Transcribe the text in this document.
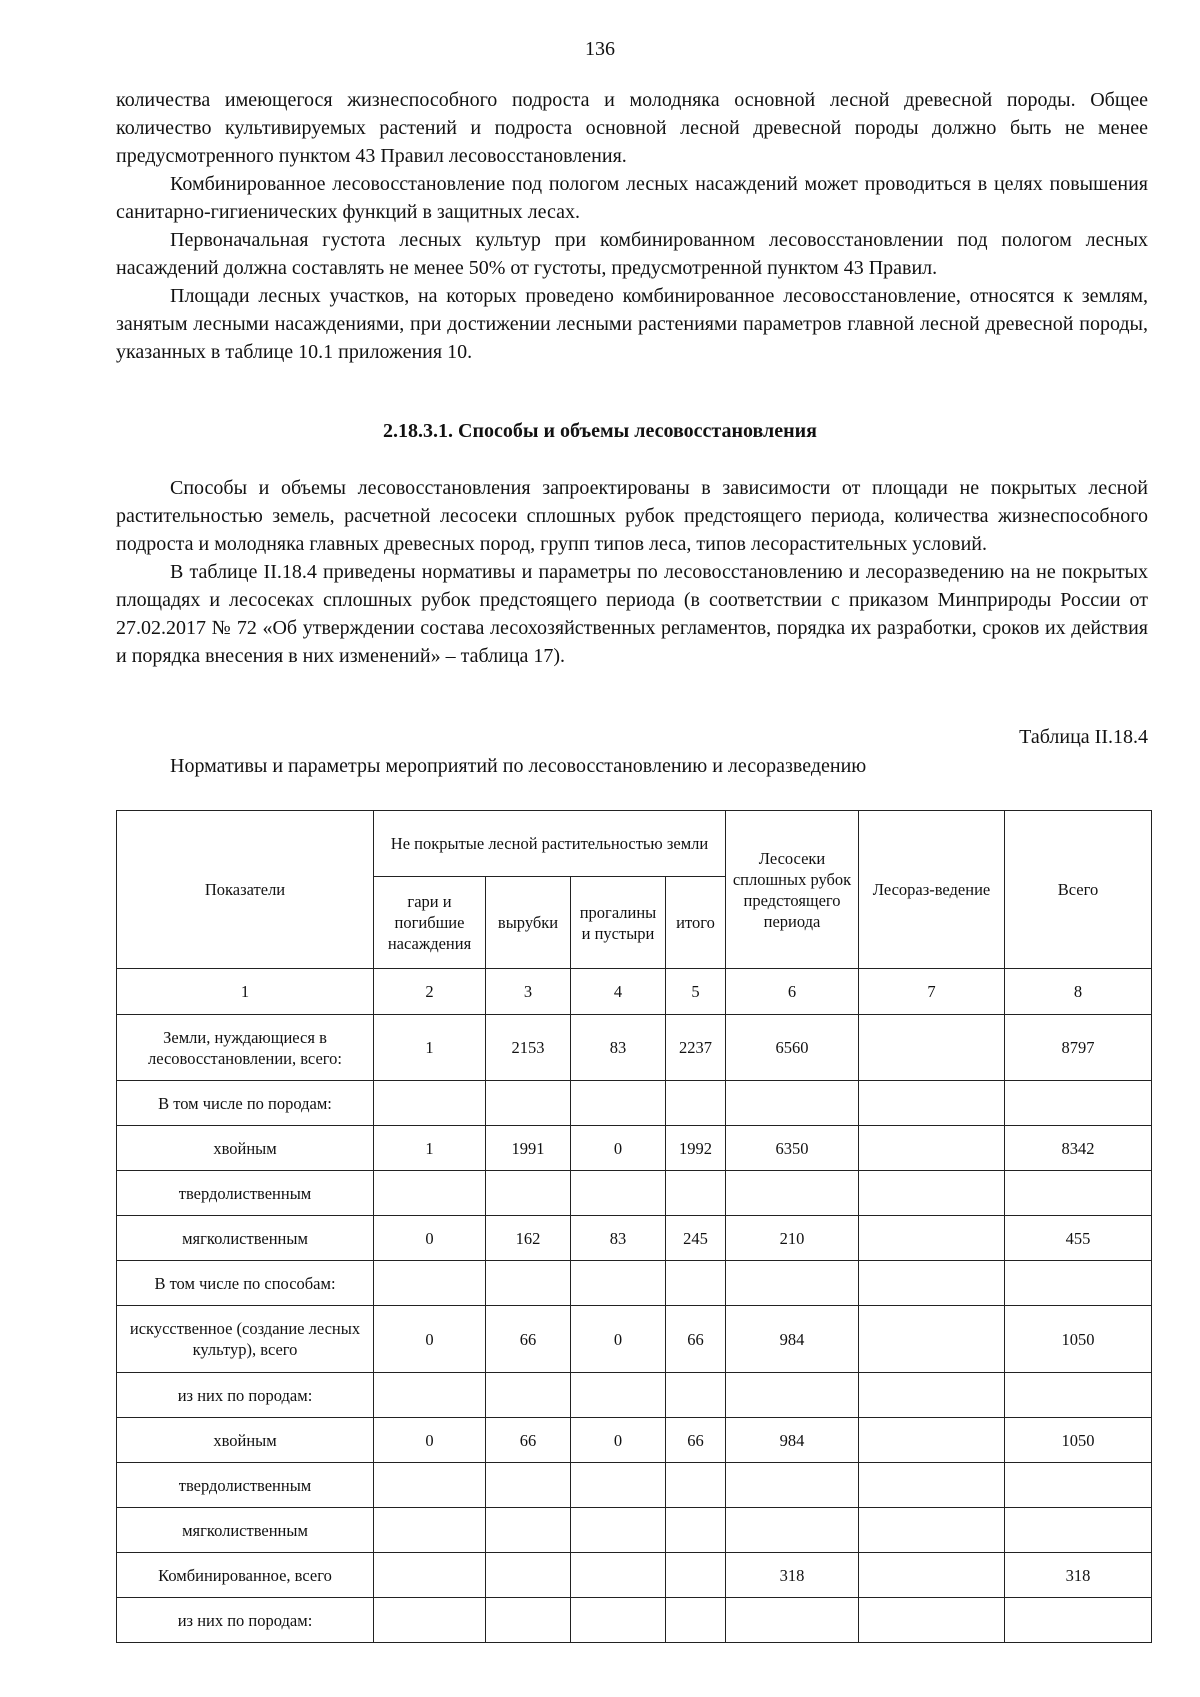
136

количества имеющегося жизнеспособного подроста и молодняка основной лесной древесной породы. Общее количество культивируемых растений и подроста основной лесной древесной породы должно быть не менее предусмотренного пунктом 43 Правил лесовосстановления.

Комбинированное лесовосстановление под пологом лесных насаждений может проводиться в целях повышения санитарно-гигиенических функций в защитных лесах.

Первоначальная густота лесных культур при комбинированном лесовосстановлении под пологом лесных насаждений должна составлять не менее 50% от густоты, предусмотренной пунктом 43 Правил.

Площади лесных участков, на которых проведено комбинированное лесовосстановление, относятся к землям, занятым лесными насаждениями, при достижении лесными растениями параметров главной лесной древесной породы, указанных в таблице 10.1 приложения 10.

2.18.3.1. Способы и объемы лесовосстановления

Способы и объемы лесовосстановления запроектированы в зависимости от площади не покрытых лесной растительностью земель, расчетной лесосеки сплошных рубок предстоящего периода, количества жизнеспособного подроста и молодняка главных древесных пород, групп типов леса, типов лесорастительных условий.

В таблице II.18.4 приведены нормативы и параметры по лесовосстановлению и лесоразведению на не покрытых площадях и лесосеках сплошных рубок предстоящего периода (в соответствии с приказом Минприроды России от 27.02.2017 № 72 «Об утверждении состава лесохозяйственных регламентов, порядка их разработки, сроков их действия и порядка внесения в них изменений» – таблица 17).

Таблица II.18.4
Нормативы и параметры мероприятий по лесовосстановлению и лесоразведению
Показатели	Не покрытые лесной растительностью земли				Лесосеки сплошных рубок предстоящего периода	Лесораз-ведение	Всего
	гари и погибшие насаждения	вырубки	прогалины и пустыри	итого			
1	2	3	4	5	6	7	8
Земли, нуждающиеся в лесовосстановлении, всего:	1	2153	83	2237	6560		8797
В том числе по породам:							
хвойным	1	1991	0	1992	6350		8342
твердолиственным							
мягколиственным	0	162	83	245	210		455
В том числе по способам:							
искусственное (создание лесных культур), всего	0	66	0	66	984		1050
из них по породам:							
хвойным	0	66	0	66	984		1050
твердолиственным							
мягколиственным							
Комбинированное, всего					318		318
из них по породам:							
